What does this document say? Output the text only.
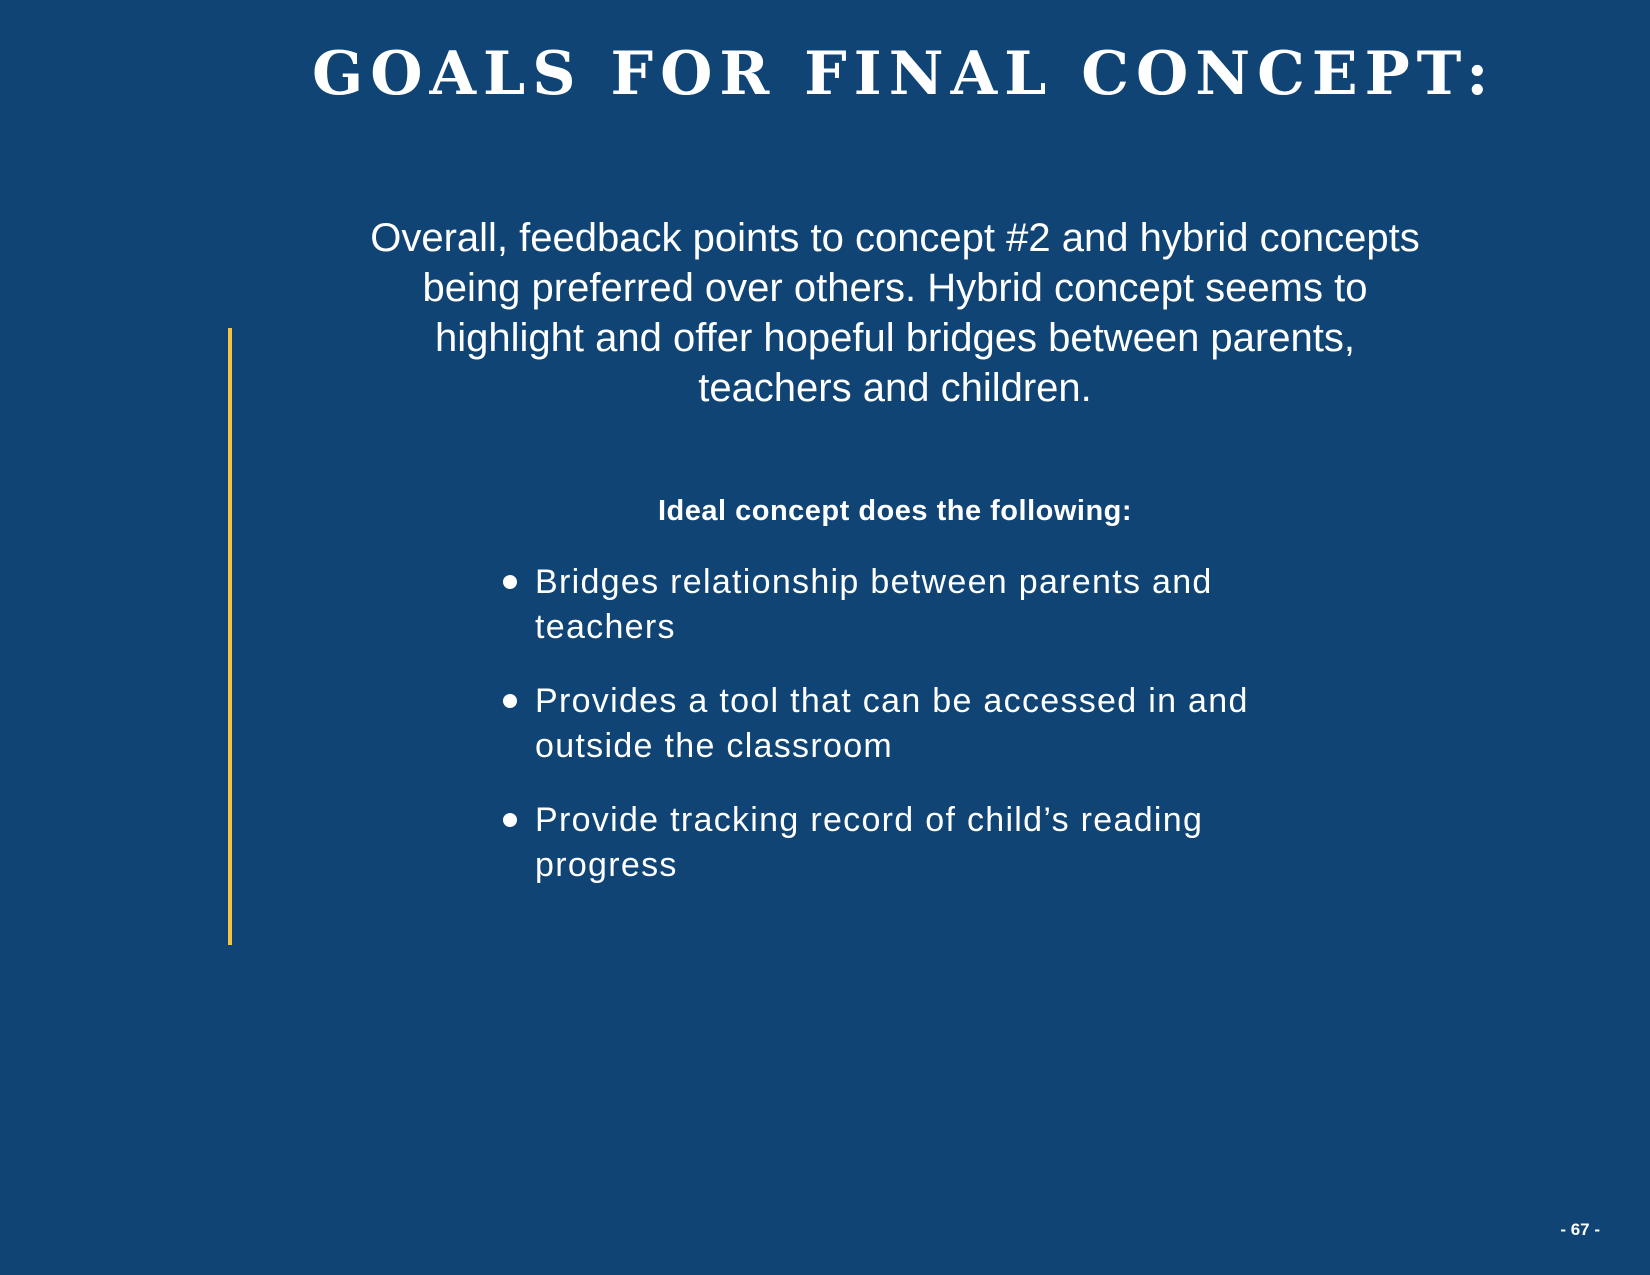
GOALS FOR FINAL CONCEPT:

Overall, feedback points to concept #2 and hybrid concepts being preferred over others. Hybrid concept seems to highlight and offer hopeful bridges between parents, teachers and children.

Ideal concept does the following:

Bridges relationship between parents and teachers
Provides a tool that can be accessed in and outside the classroom
Provide tracking record of child’s reading progress

- 67 -
